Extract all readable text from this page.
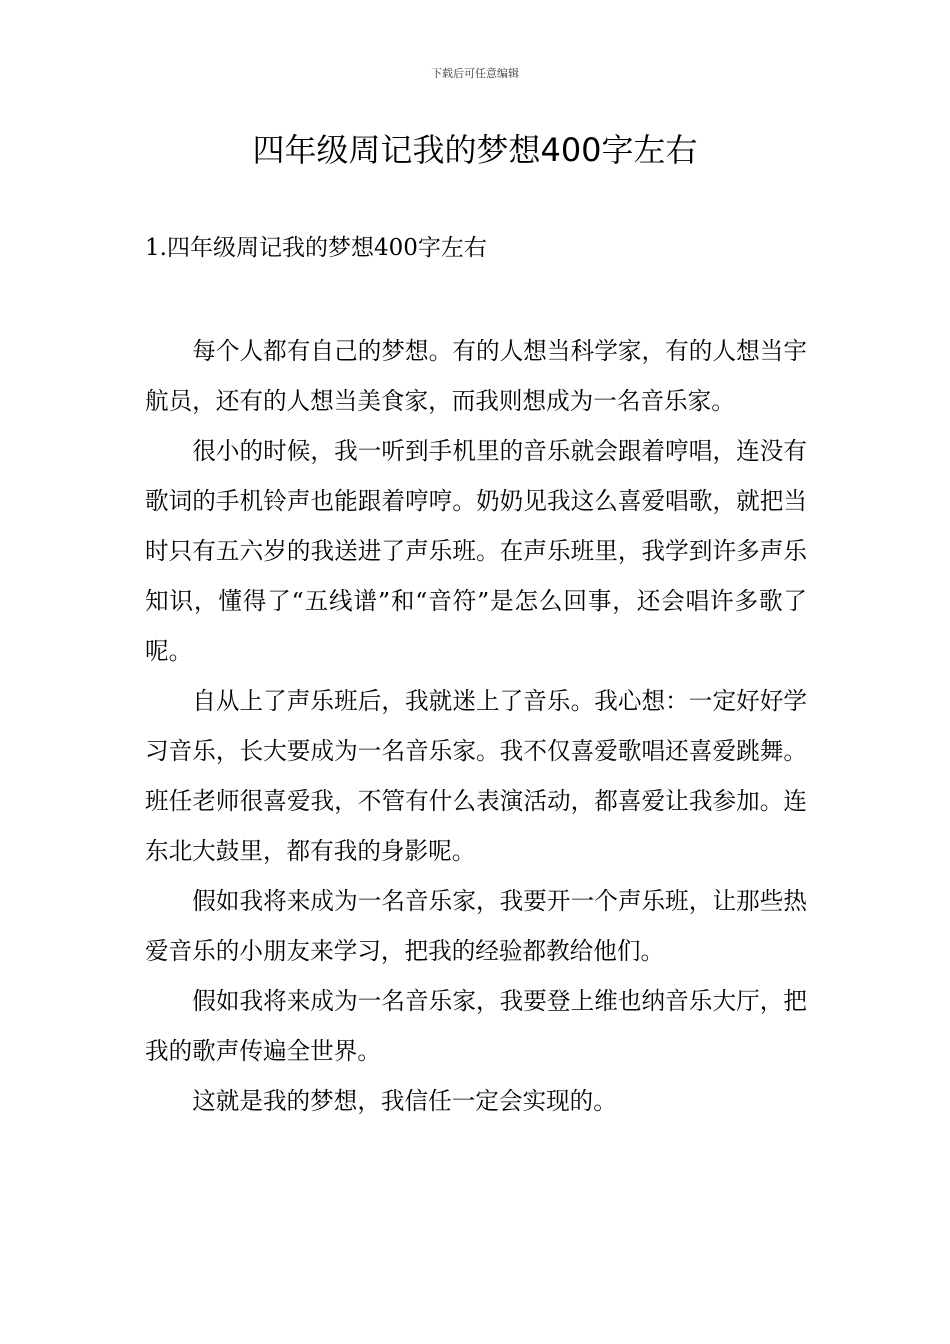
下载后可任意编辑
四年级周记我的梦想400字左右
1.四年级周记我的梦想400字左右

每个人都有自己的梦想。有的人想当科学家，有的人想当宇航员，还有的人想当美食家，而我则想成为一名音乐家。

很小的时候，我一听到手机里的音乐就会跟着哼唱，连没有歌词的手机铃声也能跟着哼哼。奶奶见我这么喜爱唱歌，就把当时只有五六岁的我送进了声乐班。在声乐班里，我学到许多声乐知识，懂得了“五线谱”和“音符”是怎么回事，还会唱许多歌了呢。

自从上了声乐班后，我就迷上了音乐。我心想：一定好好学习音乐，长大要成为一名音乐家。我不仅喜爱歌唱还喜爱跳舞。班任老师很喜爱我，不管有什么表演活动，都喜爱让我参加。连东北大鼓里，都有我的身影呢。

假如我将来成为一名音乐家，我要开一个声乐班，让那些热爱音乐的小朋友来学习，把我的经验都教给他们。

假如我将来成为一名音乐家，我要登上维也纳音乐大厅，把我的歌声传遍全世界。

这就是我的梦想，我信任一定会实现的。
